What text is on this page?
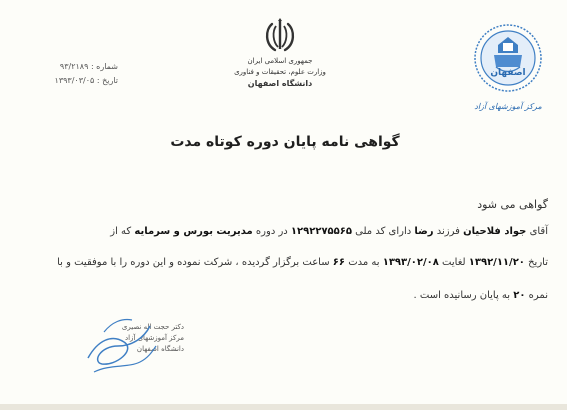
شماره : ۹۳/۲۱۸۹
تاریخ : ۱۳۹۳/۰۳/۰۵
جمهوری اسلامی ایران
وزارت علوم، تحقیقات و فناوری
دانشگاه اصفهان
اصفهان
مرکز آموزشهای آزاد
گواهی نامه پایان دوره کوتاه مدت
گواهی می شود
آقای جواد فلاحیان فرزند رضا دارای کد ملی ۱۲۹۲۲۷۵۵۶۵ در دوره مدیریت بورس و سرمایه که از
تاریخ ۱۳۹۲/۱۱/۲۰ لغایت ۱۳۹۳/۰۲/۰۸ به مدت ۶۶ ساعت برگزار گردیده ، شرکت نموده و این دوره را با موفقیت و با
نمره ۲۰ به پایان رسانیده است .
دکتر حجت اله نصیری
مرکز آموزشهای آزاد
دانشگاه اصفهان
